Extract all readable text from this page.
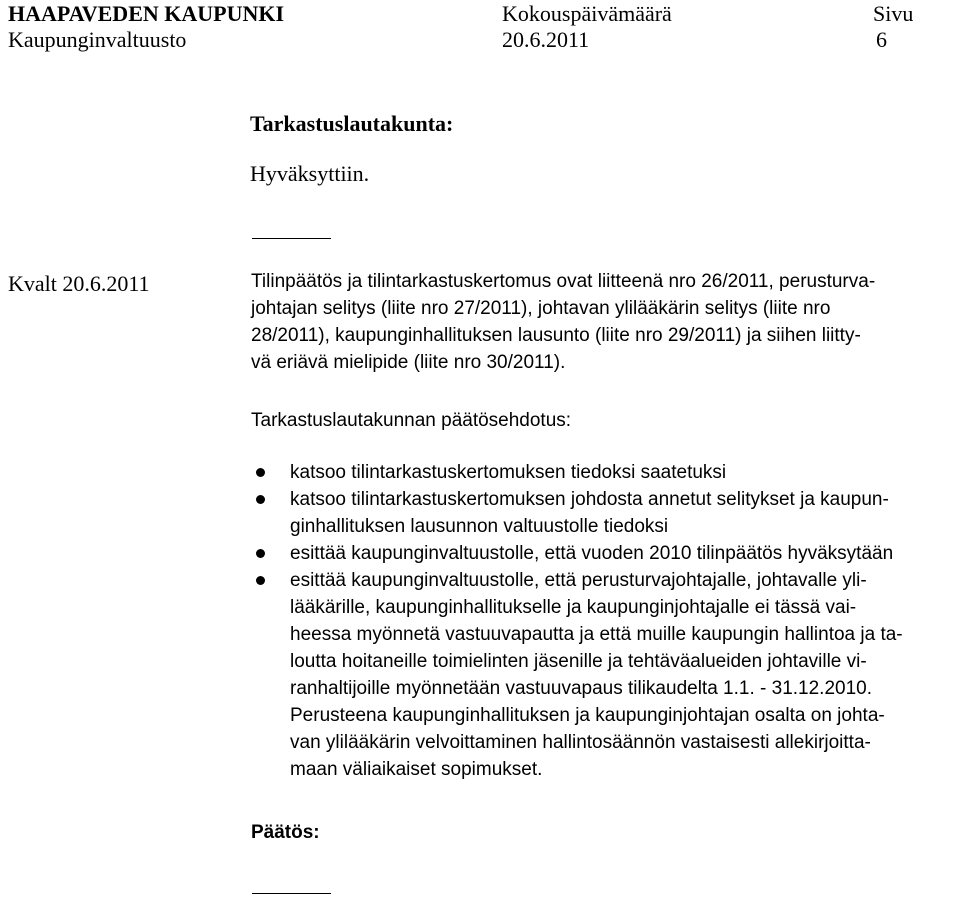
HAAPAVEDEN KAUPUNKI	Kokouspäivämäärä	Sivu
Kaupunginvaltuusto	20.6.2011	6
Tarkastuslautakunta:
Hyväksyttiin.
Kvalt 20.6.2011	Tilinpäätös ja tilintarkastuskertomus ovat liitteenä nro 26/2011, perusturva-
johtajan selitys (liite nro 27/2011), johtavan ylilääkärin selitys (liite nro
28/2011), kaupunginhallituksen lausunto (liite nro 29/2011) ja siihen liitty-
vä eriävä mielipide (liite nro 30/2011).
Tarkastuslautakunnan päätösehdotus:
katsoo tilintarkastuskertomuksen tiedoksi saatetuksi
katsoo tilintarkastuskertomuksen johdosta annetut selitykset ja kaupun-
ginhallituksen lausunnon valtuustolle tiedoksi
esittää kaupunginvaltuustolle, että vuoden 2010 tilinpäätös hyväksytään
esittää kaupunginvaltuustolle, että perusturvajohtajalle, johtavalle yli-
lääkärille, kaupunginhallitukselle ja kaupunginjohtajalle ei tässä vai-
heessa myönnetä vastuuvapautta ja että muille kaupungin hallintoa ja ta-
loutta hoitaneille toimielinten jäsenille ja tehtäväalueiden johtaville vi-
ranhaltijoille myönnetään vastuuvapaus tilikaudelta 1.1. - 31.12.2010.
Perusteena kaupunginhallituksen ja kaupunginjohtajan osalta on johta-
van ylilääkärin velvoittaminen hallintosäännön vastaisesti allekirjoitta-
maan väliaikaiset sopimukset.
Päätös:
